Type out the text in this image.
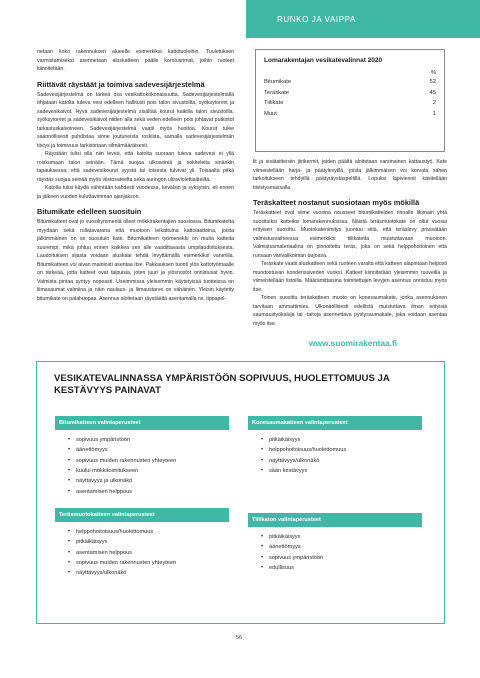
RUNKO JA VAIPPA

netaan koko rakennuksen alueelle esimerkiksi kattotuoleihin. Tuuletuksen varmistamiseksi asennetaan aluskatteen päälle korotusrimat, joihin ruoteet kiinnitetään.

Riittävät räystäät ja toimiva sadevesijärjestelmä

Sadevesijärjestelmä on tärkeä osa vesikattokokonaisuutta. Sadevesijärjestelmällä ohjataan katolta tuleva vesi edelleen hallitusti pois talon sivustoilta, syöksytorvet ja sadevesikaivot. Hyvä sadevesijärjestelmä sisältää kourut kaikilla talon sivustoilla, syöksytorvet ja sadevesikaivot niiden alla sekä veden edelleen pois johtavat putkistot tarkastuskaivoineen. Sadevesijärjestelmä vaatii myös huoltoa. Kourut tulee säännöllisesti puhdistaa sinne joutuneista roskista, samalla sadevesijärjestelmän tiiviys ja toimivuus tarkistetaan silmämääräisesti.

Räystään tulisi olla niin leveä, että katolta suoraan tuleva sadevesi ei yllä roiskumaan talon seinään. Tämä suojaa ulkoseiniä ja sokkeleita sinänkin tapauksessa, että sadevesikourut syystä tai toisesta tulvivat yli. Toisaalta pitkä räystäs suojaa seinää myös viistosateelta sekä auringon ultraviolettisäteiltä.

Katolla tulisi käydä vähintään kahdesti vuodessa, keväisin ja syksyisin, eli ennen ja jälkeen vuoden kuluttavimman ajanjakson.

Bitumikate edelleen suosituin

Bitumikatteet ovat jo vuosikymmeniä olleet mökkirakentajien suosiossa. Bitumikatetta myydään sekä rullatavarana että muotoon leikattuina kattolaattoina, joista jälkimmäinen on se suosituin kate. Bitumikatteen työmenekki on muita katteita suurempi, mikä johtuu ennen kaikkea sen alle vaadittavasta umpilaudoituksesta. Laudoituksen sijasta voidaan aluskate tehdä levyttämällä esimerkiksi vanerilla. Bitumikatteen voi aivan mainiosti asentaa itse. Pakkauksen tuonti ylös kattotyömaalle on tärkeää, jotta katteet ovat taipuisia, joten juuri ja ylösnostot onnistuvat hyvin. Valmista pintaa syntyy nopeasti. Useimmissa yleisemmin käytetyissä tuotteissa on liimasaumat valmiina ja näin naulaus- ja liimaustarve on vähäinen. Yleisin käytetty bitumikate on palahuopaa. Asennus aloitetaan räystäältä asentamalla ns. tippapel-

Lomarakentajan vesikatevalinnat 2020
%
Bitumikate	52
Teräskate	45
Tiilikate	2
Muut	1

lit ja sisätaitteisiin jiirikermit, joiden päältä aloitetaan varsinainen kattaustyö. Kate viimeistellään harja- ja päätylevyillä, joista jälkimmäisen voi korvata sähen tarkoitukseen tehdyillä päätyräystäspeltillä. Lopuksi läpiviennit käsitellään tiivistysmassalla.

Teräskatteet nostanut suosiotaan myös mökillä

Teräskatteet ovat viime vuosina nousseet bitumikatteiden rinnalle likimain yhtä suosituiksi katteiksi lomarakennuksissa. Näistä teräsmuotokate on ollut vuosia erityisen suosittu. Muotokatenimitys juontuu siitä, että teräslevy prässätään valmistusvaiheessa esimerkiksi tiilikatetta muistuttavaan muotoon. Valmistusmateriaalina on pinnoitettu teräs, joka on sekä helppohoitoinen että runsaan värivalikoiman tarjoava.

Teräskate vaatii aluskatteen sekä ruoteen varalta että katteen alapintaan helposti muodostuvan kondenssiveden vuoksi. Katteet kiinnitetään yleisimmin ruuveilla ja viimeistellään listoilla. Määrämittaisina toimitettujen levyjen asennus onnistuu myös itse.

Toinen suosittu teräskatteen muoto on konesaumakate, jonka asennukseen tarvitaan ammattimies. Ulkonäöllisesti edellistä muistuttava ilman erityisiä saumaustyökaluja tai -taitoja asennettava pystysaumakate, joka voidaan asentaa myös itse.

www.suomirakentaa.fi
VESIKATEVALINNASSA YMPÄRISTÖÖN SOPIVUUS, HUOLETTOMUUS JA KESTÄVYYS PAINAVAT
Bitumikatteen valintaperusteet
•	sopivuus ympäristöön
•	äänettömyys
•	sopivuus muiden rakennusten yhteyteen
•	kuului mökkitoimitukseen
•	näyttävyys ja ulkonäkö
•	asentamisen helppous
Konesaumakatteen valintaperusteet
•	pitkäikäisyys
•	helppohoitoisuus/huolettomuus
•	näyttävyys/ulkonäkö
•	sään kestävyys
Teräsmuotokatteen valintaperusteet
•	helppohoitoisuus/huolettomuus
•	pitkäikäisyys
•	asentamisen helppous
•	sopivuus muiden rakennusten yhteyteen
•	näyttävyys/ulkonäkö
Tiilikaton valintaperusteet
•	pitkäikäisyys
•	äänettömyys
•	sopivuus ympäristöön
•	edullisuus
56
